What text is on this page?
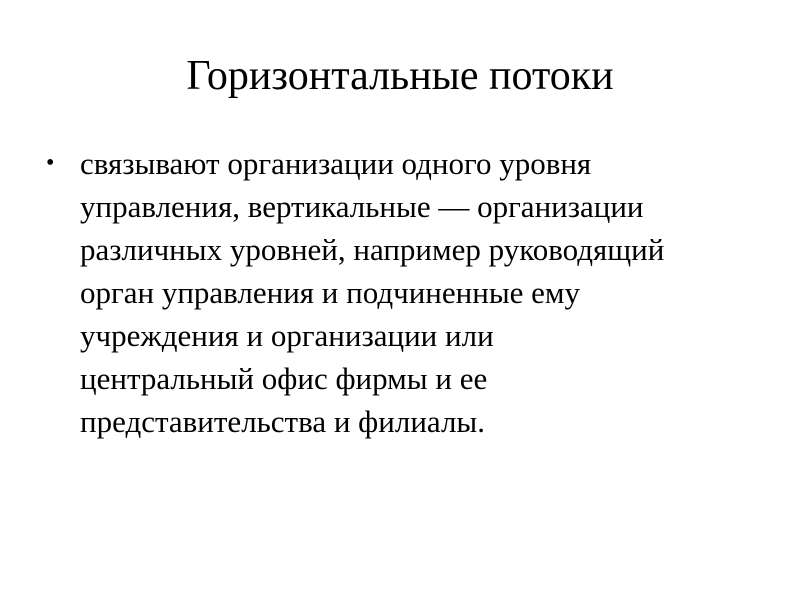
Горизонтальные потоки
• связывают организации одного уровня
управления, вертикальные — организации
различных уровней, например руководящий
орган управления и подчиненные ему
учреждения и организации или
центральный офис фирмы и ее
представительства и филиалы.
